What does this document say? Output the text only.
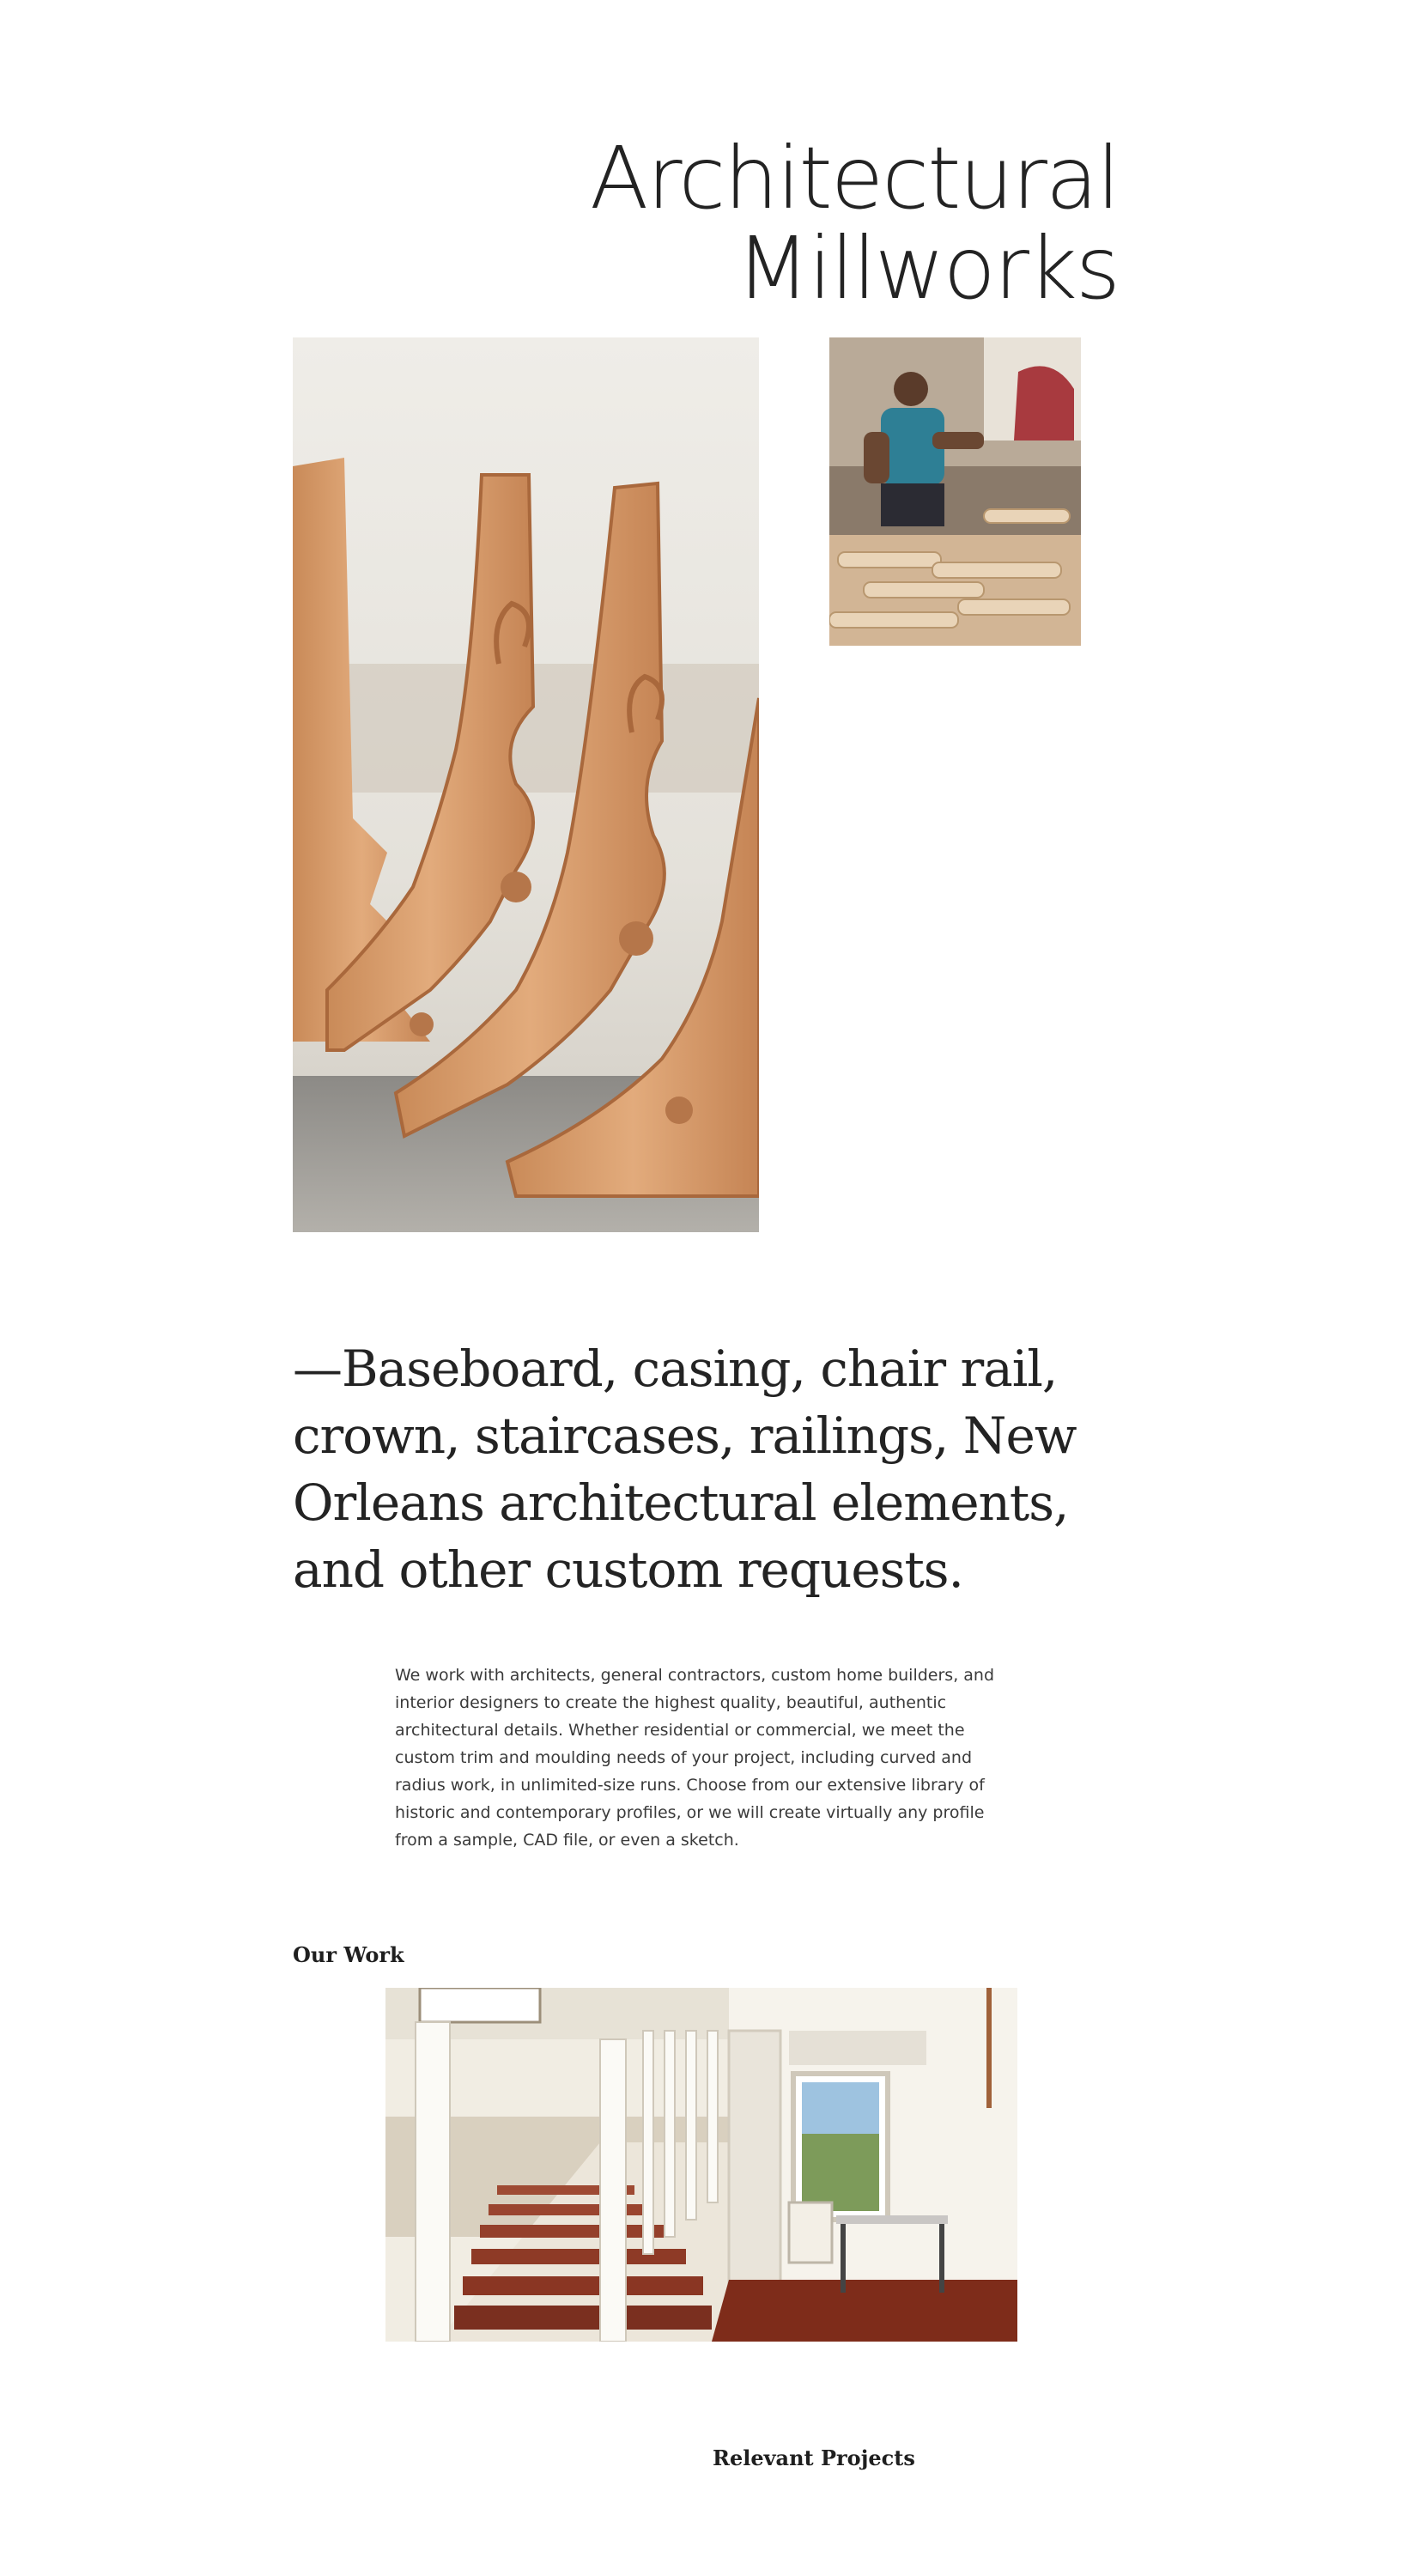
Architectural
Millworks
—Baseboard, casing, chair rail, crown, staircases, railings, New Orleans architectural elements, and other custom requests.

We work with architects, general contractors, custom home builders, and interior designers to create the highest quality, beautiful, authentic architectural details. Whether residential or commercial, we meet the custom trim and moulding needs of your project, including curved and radius work, in unlimited-size runs. Choose from our extensive library of historic and contemporary profiles, or we will create virtually any profile from a sample, CAD file, or even a sketch.

Our Work
Relevant Projects
